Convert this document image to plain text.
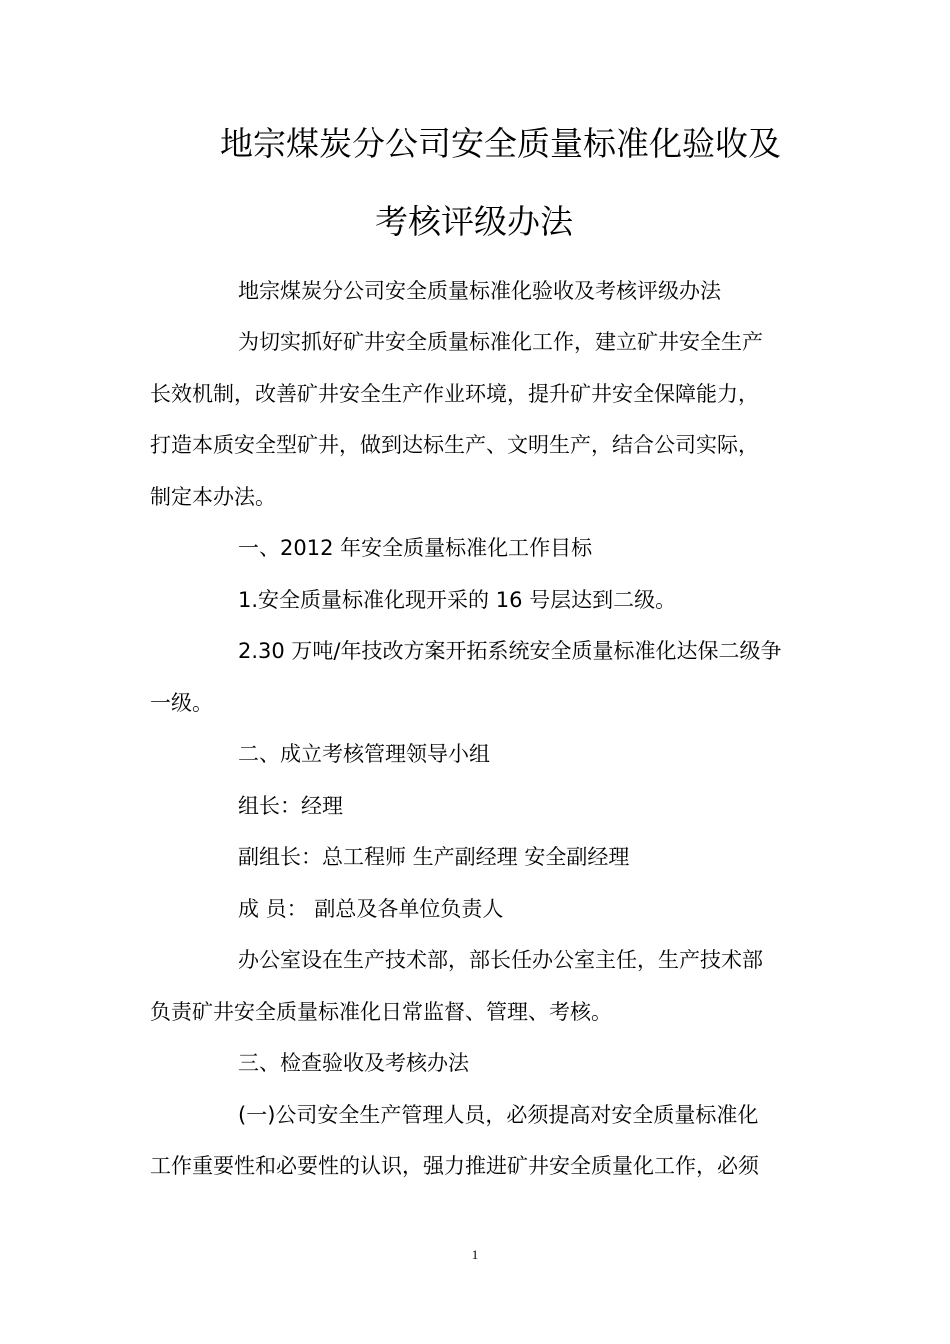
地宗煤炭分公司安全质量标准化验收及
考核评级办法
地宗煤炭分公司安全质量标准化验收及考核评级办法
为切实抓好矿井安全质量标准化工作，建立矿井安全生产
长效机制，改善矿井安全生产作业环境，提升矿井安全保障能力，
打造本质安全型矿井，做到达标生产、文明生产，结合公司实际，
制定本办法。
一、2012 年安全质量标准化工作目标
1.安全质量标准化现开采的 16 号层达到二级。
2.30 万吨/年技改方案开拓系统安全质量标准化达保二级争
一级。
二、成立考核管理领导小组
组长：经理
副组长：总工程师 生产副经理 安全副经理
成 员： 副总及各单位负责人
办公室设在生产技术部，部长任办公室主任，生产技术部
负责矿井安全质量标准化日常监督、管理、考核。
三、检查验收及考核办法
(一)公司安全生产管理人员，必须提高对安全质量标准化
工作重要性和必要性的认识，强力推进矿井安全质量化工作，必须
1
